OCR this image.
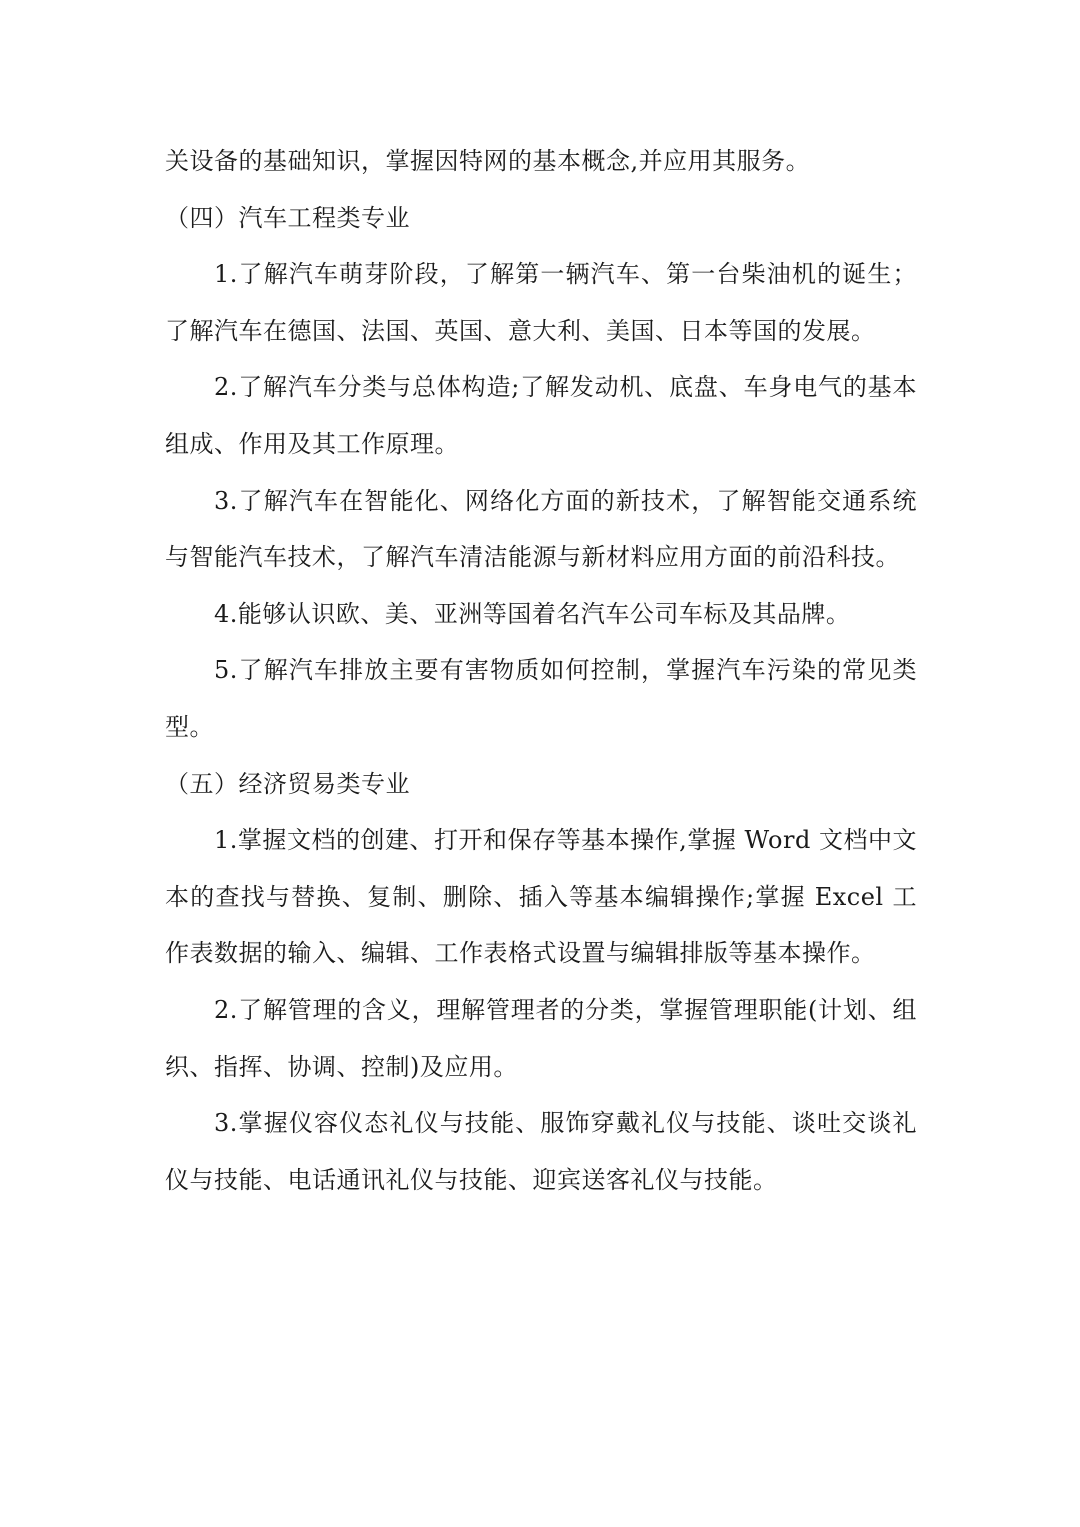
关设备的基础知识，掌握因特网的基本概念,并应用其服务。

（四）汽车工程类专业

1.了解汽车萌芽阶段，了解第一辆汽车、第一台柴油机的诞生；了解汽车在德国、法国、英国、意大利、美国、日本等国的发展。

2.了解汽车分类与总体构造;了解发动机、底盘、车身电气的基本组成、作用及其工作原理。

3.了解汽车在智能化、网络化方面的新技术，了解智能交通系统与智能汽车技术，了解汽车清洁能源与新材料应用方面的前沿科技。

4.能够认识欧、美、亚洲等国着名汽车公司车标及其品牌。

5.了解汽车排放主要有害物质如何控制，掌握汽车污染的常见类型。

（五）经济贸易类专业

1.掌握文档的创建、打开和保存等基本操作,掌握 Word 文档中文本的查找与替换、复制、删除、插入等基本编辑操作;掌握 Excel 工作表数据的输入、编辑、工作表格式设置与编辑排版等基本操作。

2.了解管理的含义，理解管理者的分类，掌握管理职能(计划、组织、指挥、协调、控制)及应用。

3.掌握仪容仪态礼仪与技能、服饰穿戴礼仪与技能、谈吐交谈礼仪与技能、电话通讯礼仪与技能、迎宾送客礼仪与技能。
